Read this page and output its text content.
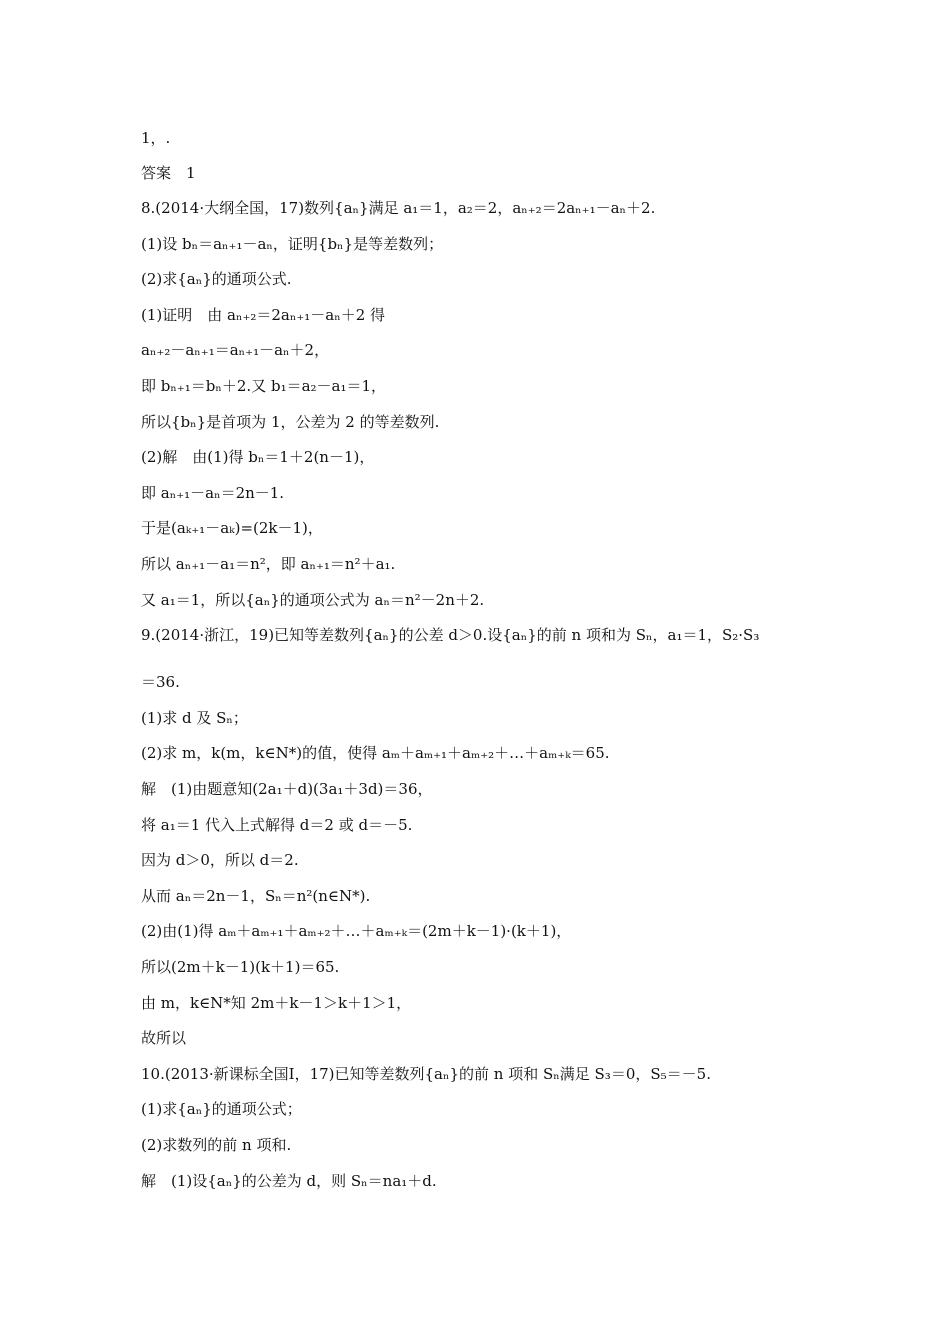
1，.
答案　1
8.(2014·大纲全国，17)数列{aₙ}满足 a₁＝1，a₂＝2，aₙ₊₂＝2aₙ₊₁－aₙ＋2.
(1)设 bₙ＝aₙ₊₁－aₙ，证明{bₙ}是等差数列；
(2)求{aₙ}的通项公式.
(1)证明　由 aₙ₊₂＝2aₙ₊₁－aₙ＋2 得
aₙ₊₂－aₙ₊₁＝aₙ₊₁－aₙ＋2，
即 bₙ₊₁＝bₙ＋2.又 b₁＝a₂－a₁＝1，
所以{bₙ}是首项为 1，公差为 2 的等差数列.
(2)解　由(1)得 bₙ＝1＋2(n－1)，
即 aₙ₊₁－aₙ＝2n－1.
于是(aₖ₊₁－aₖ)=(2k－1)，
所以 aₙ₊₁－a₁＝n²，即 aₙ₊₁＝n²＋a₁.
又 a₁＝1，所以{aₙ}的通项公式为 aₙ＝n²－2n＋2.
9.(2014·浙江，19)已知等差数列{aₙ}的公差 d＞0.设{aₙ}的前 n 项和为 Sₙ，a₁＝1，S₂·S₃
＝36.
(1)求 d 及 Sₙ；
(2)求 m，k(m，k∈N*)的值，使得 aₘ＋aₘ₊₁＋aₘ₊₂＋…＋aₘ₊ₖ＝65.
解　(1)由题意知(2a₁＋d)(3a₁＋3d)＝36，
将 a₁＝1 代入上式解得 d＝2 或 d＝－5.
因为 d＞0，所以 d＝2.
从而 aₙ＝2n－1，Sₙ＝n²(n∈N*).
(2)由(1)得 aₘ＋aₘ₊₁＋aₘ₊₂＋…＋aₘ₊ₖ＝(2m＋k－1)·(k＋1)，
所以(2m＋k－1)(k＋1)＝65.
由 m，k∈N*知 2m＋k－1＞k＋1＞1，
故所以
10.(2013·新课标全国Ⅰ，17)已知等差数列{aₙ}的前 n 项和 Sₙ满足 S₃＝0，S₅＝－5.
(1)求{aₙ}的通项公式；
(2)求数列的前 n 项和.
解　(1)设{aₙ}的公差为 d，则 Sₙ＝na₁＋d.
